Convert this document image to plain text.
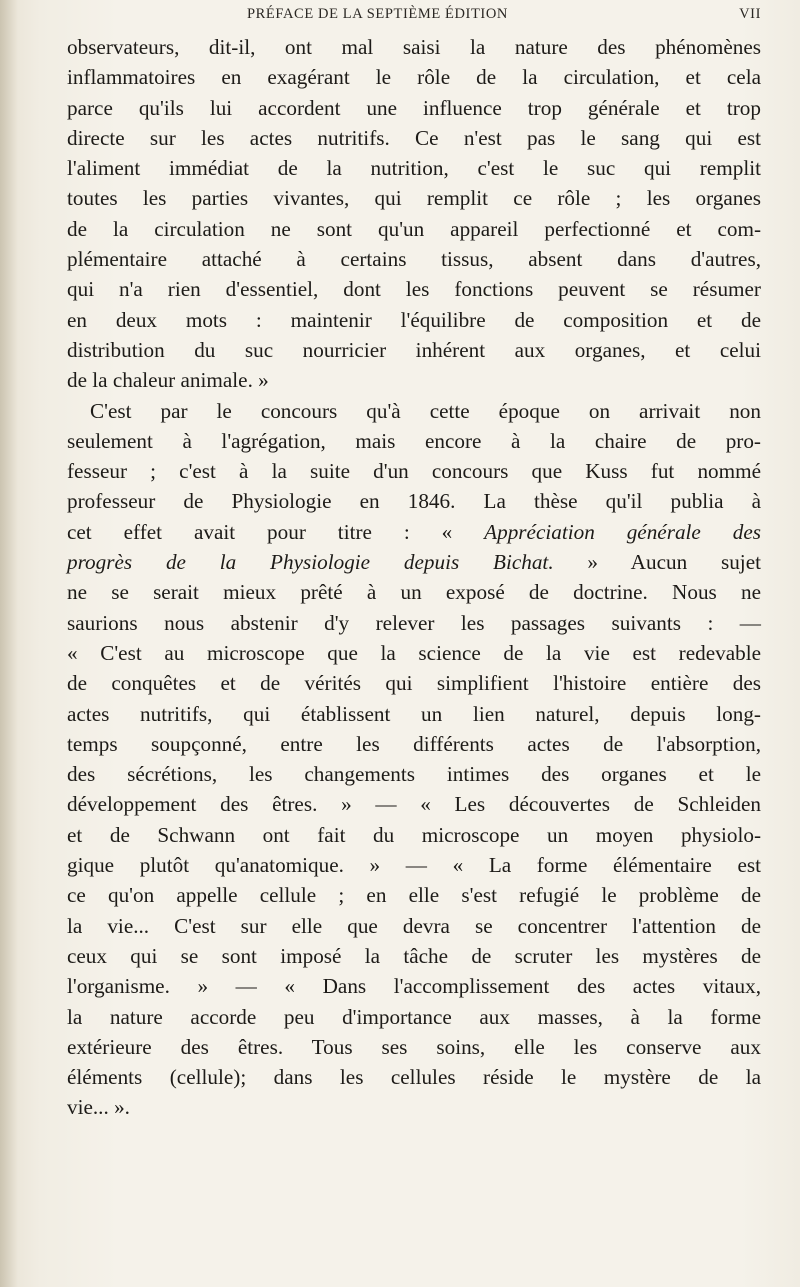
PRÉFACE DE LA SEPTIÈME ÉDITION	VII
observateurs, dit-il, ont mal saisi la nature des phénomènes
inflammatoires en exagérant le rôle de la circulation, et cela
parce qu'ils lui accordent une influence trop générale et trop
directe sur les actes nutritifs. Ce n'est pas le sang qui est
l'aliment immédiat de la nutrition, c'est le suc qui remplit
toutes les parties vivantes, qui remplit ce rôle ; les organes
de la circulation ne sont qu'un appareil perfectionné et com-
plémentaire attaché à certains tissus, absent dans d'autres,
qui n'a rien d'essentiel, dont les fonctions peuvent se résumer
en deux mots : maintenir l'équilibre de composition et de
distribution du suc nourricier inhérent aux organes, et celui
de la chaleur animale. »
C'est par le concours qu'à cette époque on arrivait non
seulement à l'agrégation, mais encore à la chaire de pro-
fesseur ; c'est à la suite d'un concours que Kuss fut nommé
professeur de Physiologie en 1846. La thèse qu'il publia à
cet effet avait pour titre : « Appréciation générale des
progrès de la Physiologie depuis Bichat. » Aucun sujet
ne se serait mieux prêté à un exposé de doctrine. Nous ne
saurions nous abstenir d'y relever les passages suivants : —
« C'est au microscope que la science de la vie est redevable
de conquêtes et de vérités qui simplifient l'histoire entière des
actes nutritifs, qui établissent un lien naturel, depuis long-
temps soupçonné, entre les différents actes de l'absorption,
des sécrétions, les changements intimes des organes et le
développement des êtres. » — « Les découvertes de Schleiden
et de Schwann ont fait du microscope un moyen physiolo-
gique plutôt qu'anatomique. » — « La forme élémentaire est
ce qu'on appelle cellule ; en elle s'est refugié le problème de
la vie... C'est sur elle que devra se concentrer l'attention de
ceux qui se sont imposé la tâche de scruter les mystères de
l'organisme. » — « Dans l'accomplissement des actes vitaux,
la nature accorde peu d'importance aux masses, à la forme
extérieure des êtres. Tous ses soins, elle les conserve aux
éléments (cellule); dans les cellules réside le mystère de la
vie... ».
